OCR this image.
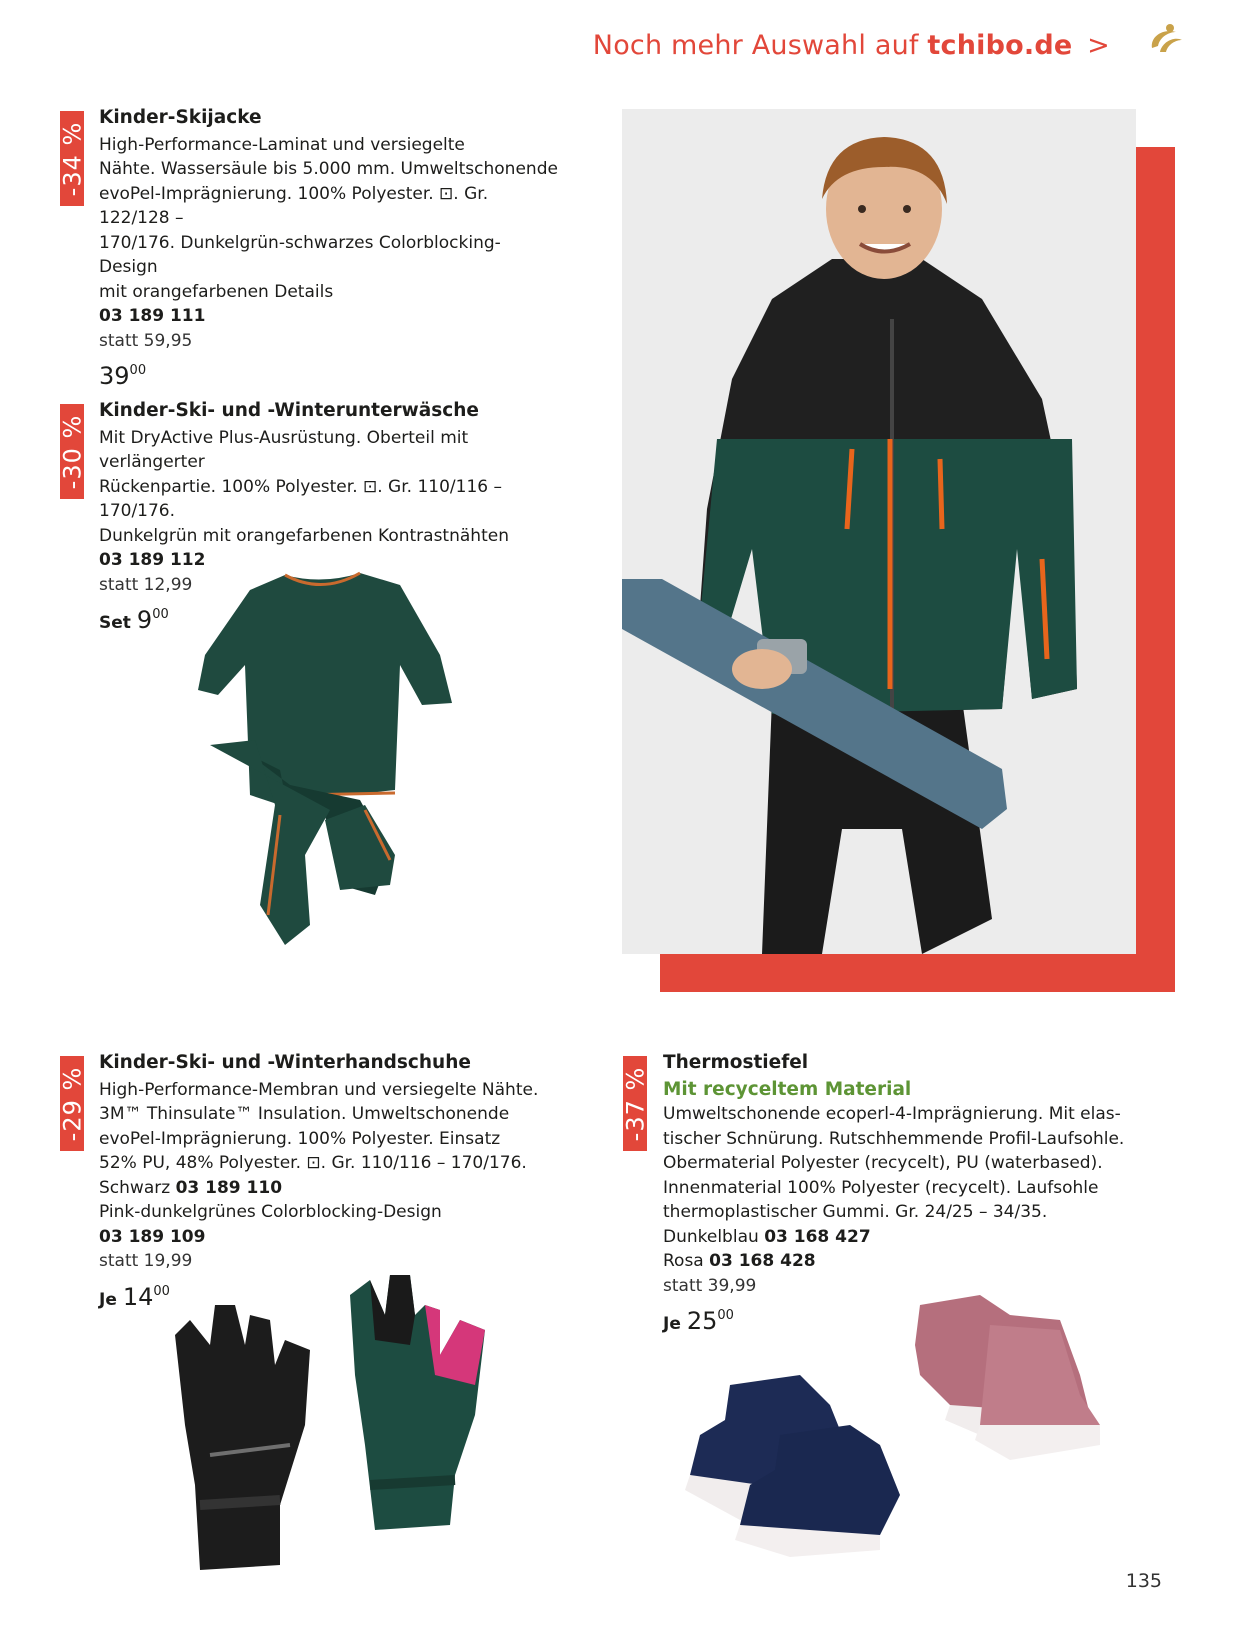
Noch mehr Auswahl auf tchibo.de >
-34 %
Kinder-Skijacke
High-Performance-Laminat und versiegelte
Nähte. Wassersäule bis 5.000 mm. Umweltschonende
evoPel-Imprägnierung. 100% Polyester. ⊡. Gr. 122/128 –
170/176. Dunkelgrün-schwarzes Colorblocking-Design
mit orangefarbenen Details
03 189 111
statt 59,95
$39^{00}$
-30 %
Kinder-Ski- und -Winterunterwäsche
Mit DryActive Plus-Ausrüstung. Oberteil mit verlängerter
Rückenpartie. 100% Polyester. ⊡. Gr. 110/116 – 170/176.
Dunkelgrün mit orangefarbenen Kontrastnähten
03 189 112
statt 12,99
Set $9^{00}$
-29 %
Kinder-Ski- und -Winterhandschuhe
High-Performance-Membran und versiegelte Nähte.
3M™ Thinsulate™ Insulation. Umweltschonende
evoPel-Imprägnierung. 100% Polyester. Einsatz
52% PU, 48% Polyester. ⊡. Gr. 110/116 – 170/176.
Schwarz 03 189 110
Pink-dunkelgrünes Colorblocking-Design
03 189 109
statt 19,99
Je $14^{00}$
-37 %
Thermostiefel
Mit recyceltem Material
Umweltschonende ecoperl-4-Imprägnierung. Mit elas-
tischer Schnürung. Rutschhemmende Profil-Laufsohle.
Obermaterial Polyester (recycelt), PU (waterbased).
Innenmaterial 100% Polyester (recycelt). Laufsohle
thermoplastischer Gummi. Gr. 24/25 – 34/35.
Dunkelblau 03 168 427
Rosa 03 168 428
statt 39,99
Je $25^{00}$
135
